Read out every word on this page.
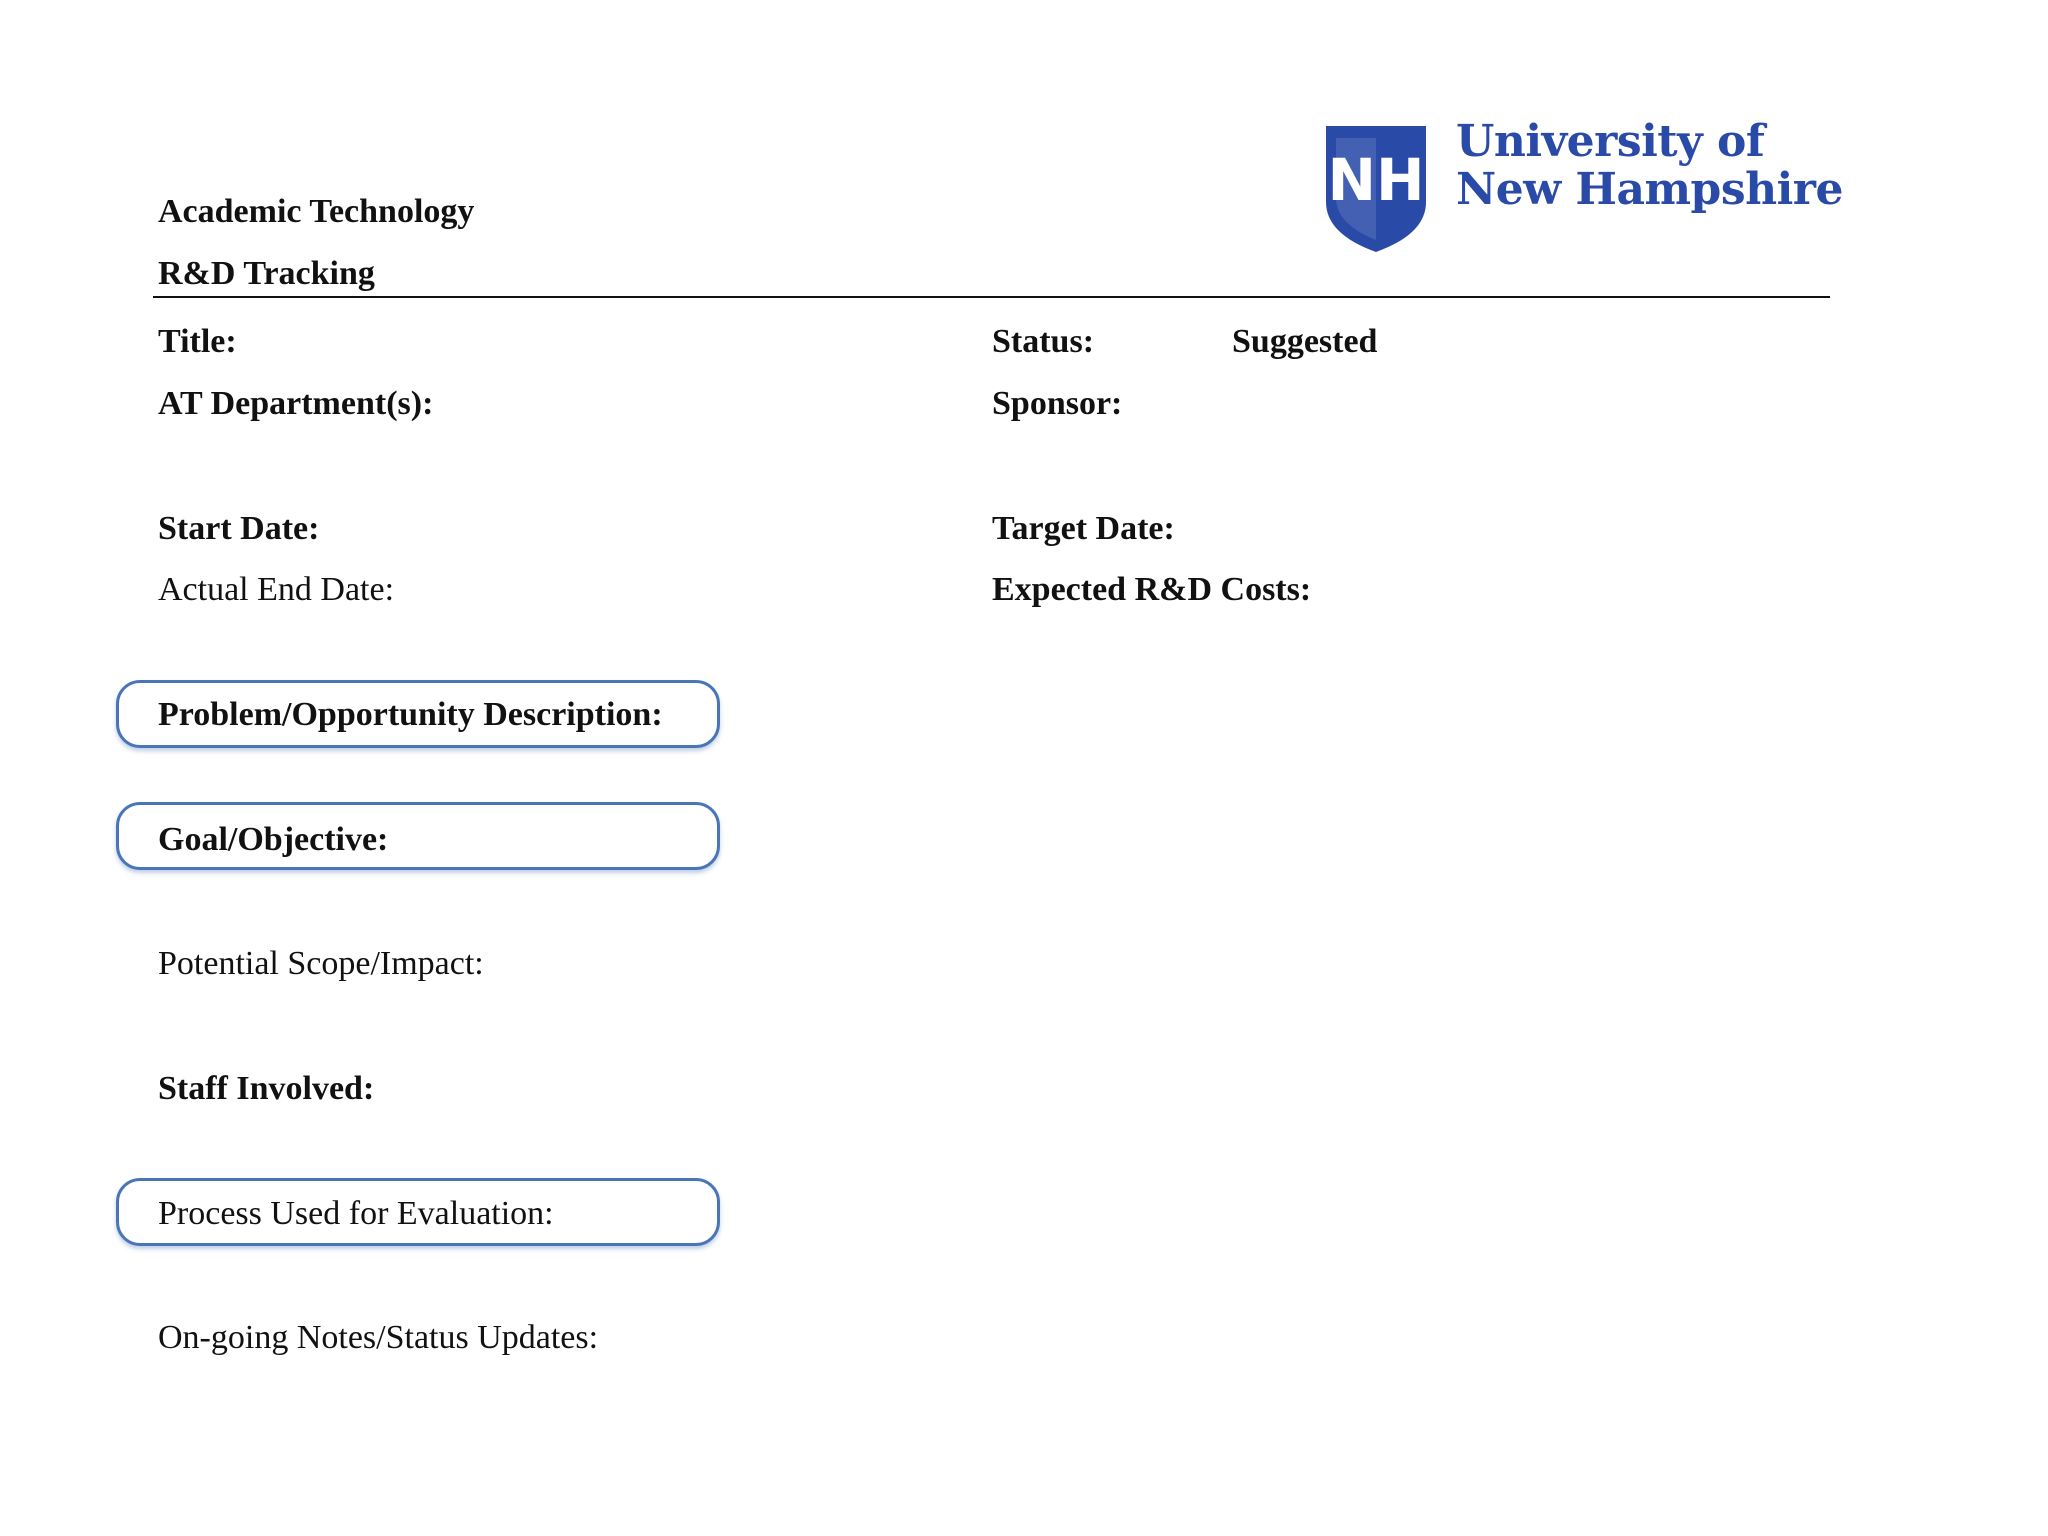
Academic Technology
R&D Tracking
NH
University of
New Hampshire
Title:	Status:	Suggested
AT Department(s):	Sponsor:
Start Date:	Target Date:
Actual End Date:	Expected R&D Costs:
Problem/Opportunity Description:
Goal/Objective:
Potential Scope/Impact:
Staff Involved:
Process Used for Evaluation:
On-going Notes/Status Updates:
